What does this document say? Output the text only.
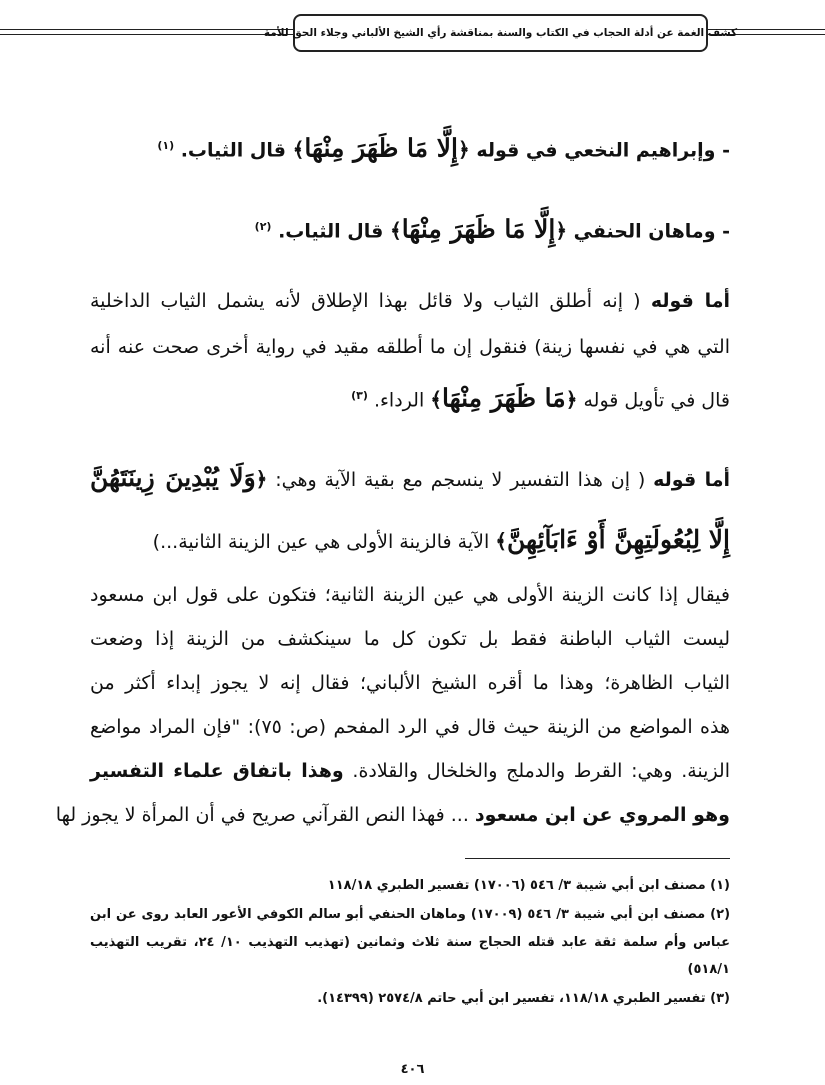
كشف الغمة عن أدلة الحجاب في الكتاب والسنة بمناقشة رأي الشيخ الألباني وجلاء الحق للأمة
- وإبراهيم النخعي في قوله ﴿إِلَّا مَا ظَهَرَ مِنْهَا﴾ قال الثياب. $^{(١)}$
- وماهان الحنفي ﴿إِلَّا مَا ظَهَرَ مِنْهَا﴾ قال الثياب. $^{(٢)}$
أما قوله ( إنه أطلق الثياب ولا قائل بهذا الإطلاق لأنه يشمل الثياب الداخلية
التي هي في نفسها زينة) فنقول إن ما أطلقه مقيد في رواية أخرى صحت عنه أنه
قال في تأويل قوله ﴿مَا ظَهَرَ مِنْهَا﴾ الرداء. $^{(٣)}$
أما قوله ( إن هذا التفسير لا ينسجم مع بقية الآية وهي: ﴿وَلَا يُبْدِينَ زِينَتَهُنَّ
إِلَّا لِبُعُولَتِهِنَّ أَوْ ءَابَآئِهِنَّ﴾ الآية فالزينة الأولى هي عين الزينة الثانية...)
فيقال إذا كانت الزينة الأولى هي عين الزينة الثانية؛ فتكون على قول ابن مسعود
ليست الثياب الباطنة فقط بل تكون كل ما سينكشف من الزينة إذا وضعت
الثياب الظاهرة؛ وهذا ما أقره الشيخ الألباني؛ فقال إنه لا يجوز إبداء أكثر من
هذه المواضع من الزينة حيث قال في الرد المفحم (ص: ٧٥): "فإن المراد مواضع
الزينة. وهي: القرط والدملج والخلخال والقلادة. وهذا باتفاق علماء التفسير
وهو المروي عن ابن مسعود ... فهذا النص القرآني صريح في أن المرأة لا يجوز لها
(١) مصنف ابن أبي شيبة ٣/ ٥٤٦ (١٧٠٠٦) تفسير الطبري ١١٨/١٨
(٢) مصنف ابن أبي شيبة ٣/ ٥٤٦ (١٧٠٠٩) وماهان الحنفي أبو سالم الكوفي الأعور العابد روى عن ابن
عباس وأم سلمة ثقة عابد قتله الحجاج سنة ثلاث وثمانين (تهذيب التهذيب ١٠/ ٢٤، تقريب التهذيب
٥١٨/١)
(٣) تفسير الطبري ١١٨/١٨، تفسير ابن أبي حاتم ٢٥٧٤/٨ (١٤٣٩٩).
٤٠٦
